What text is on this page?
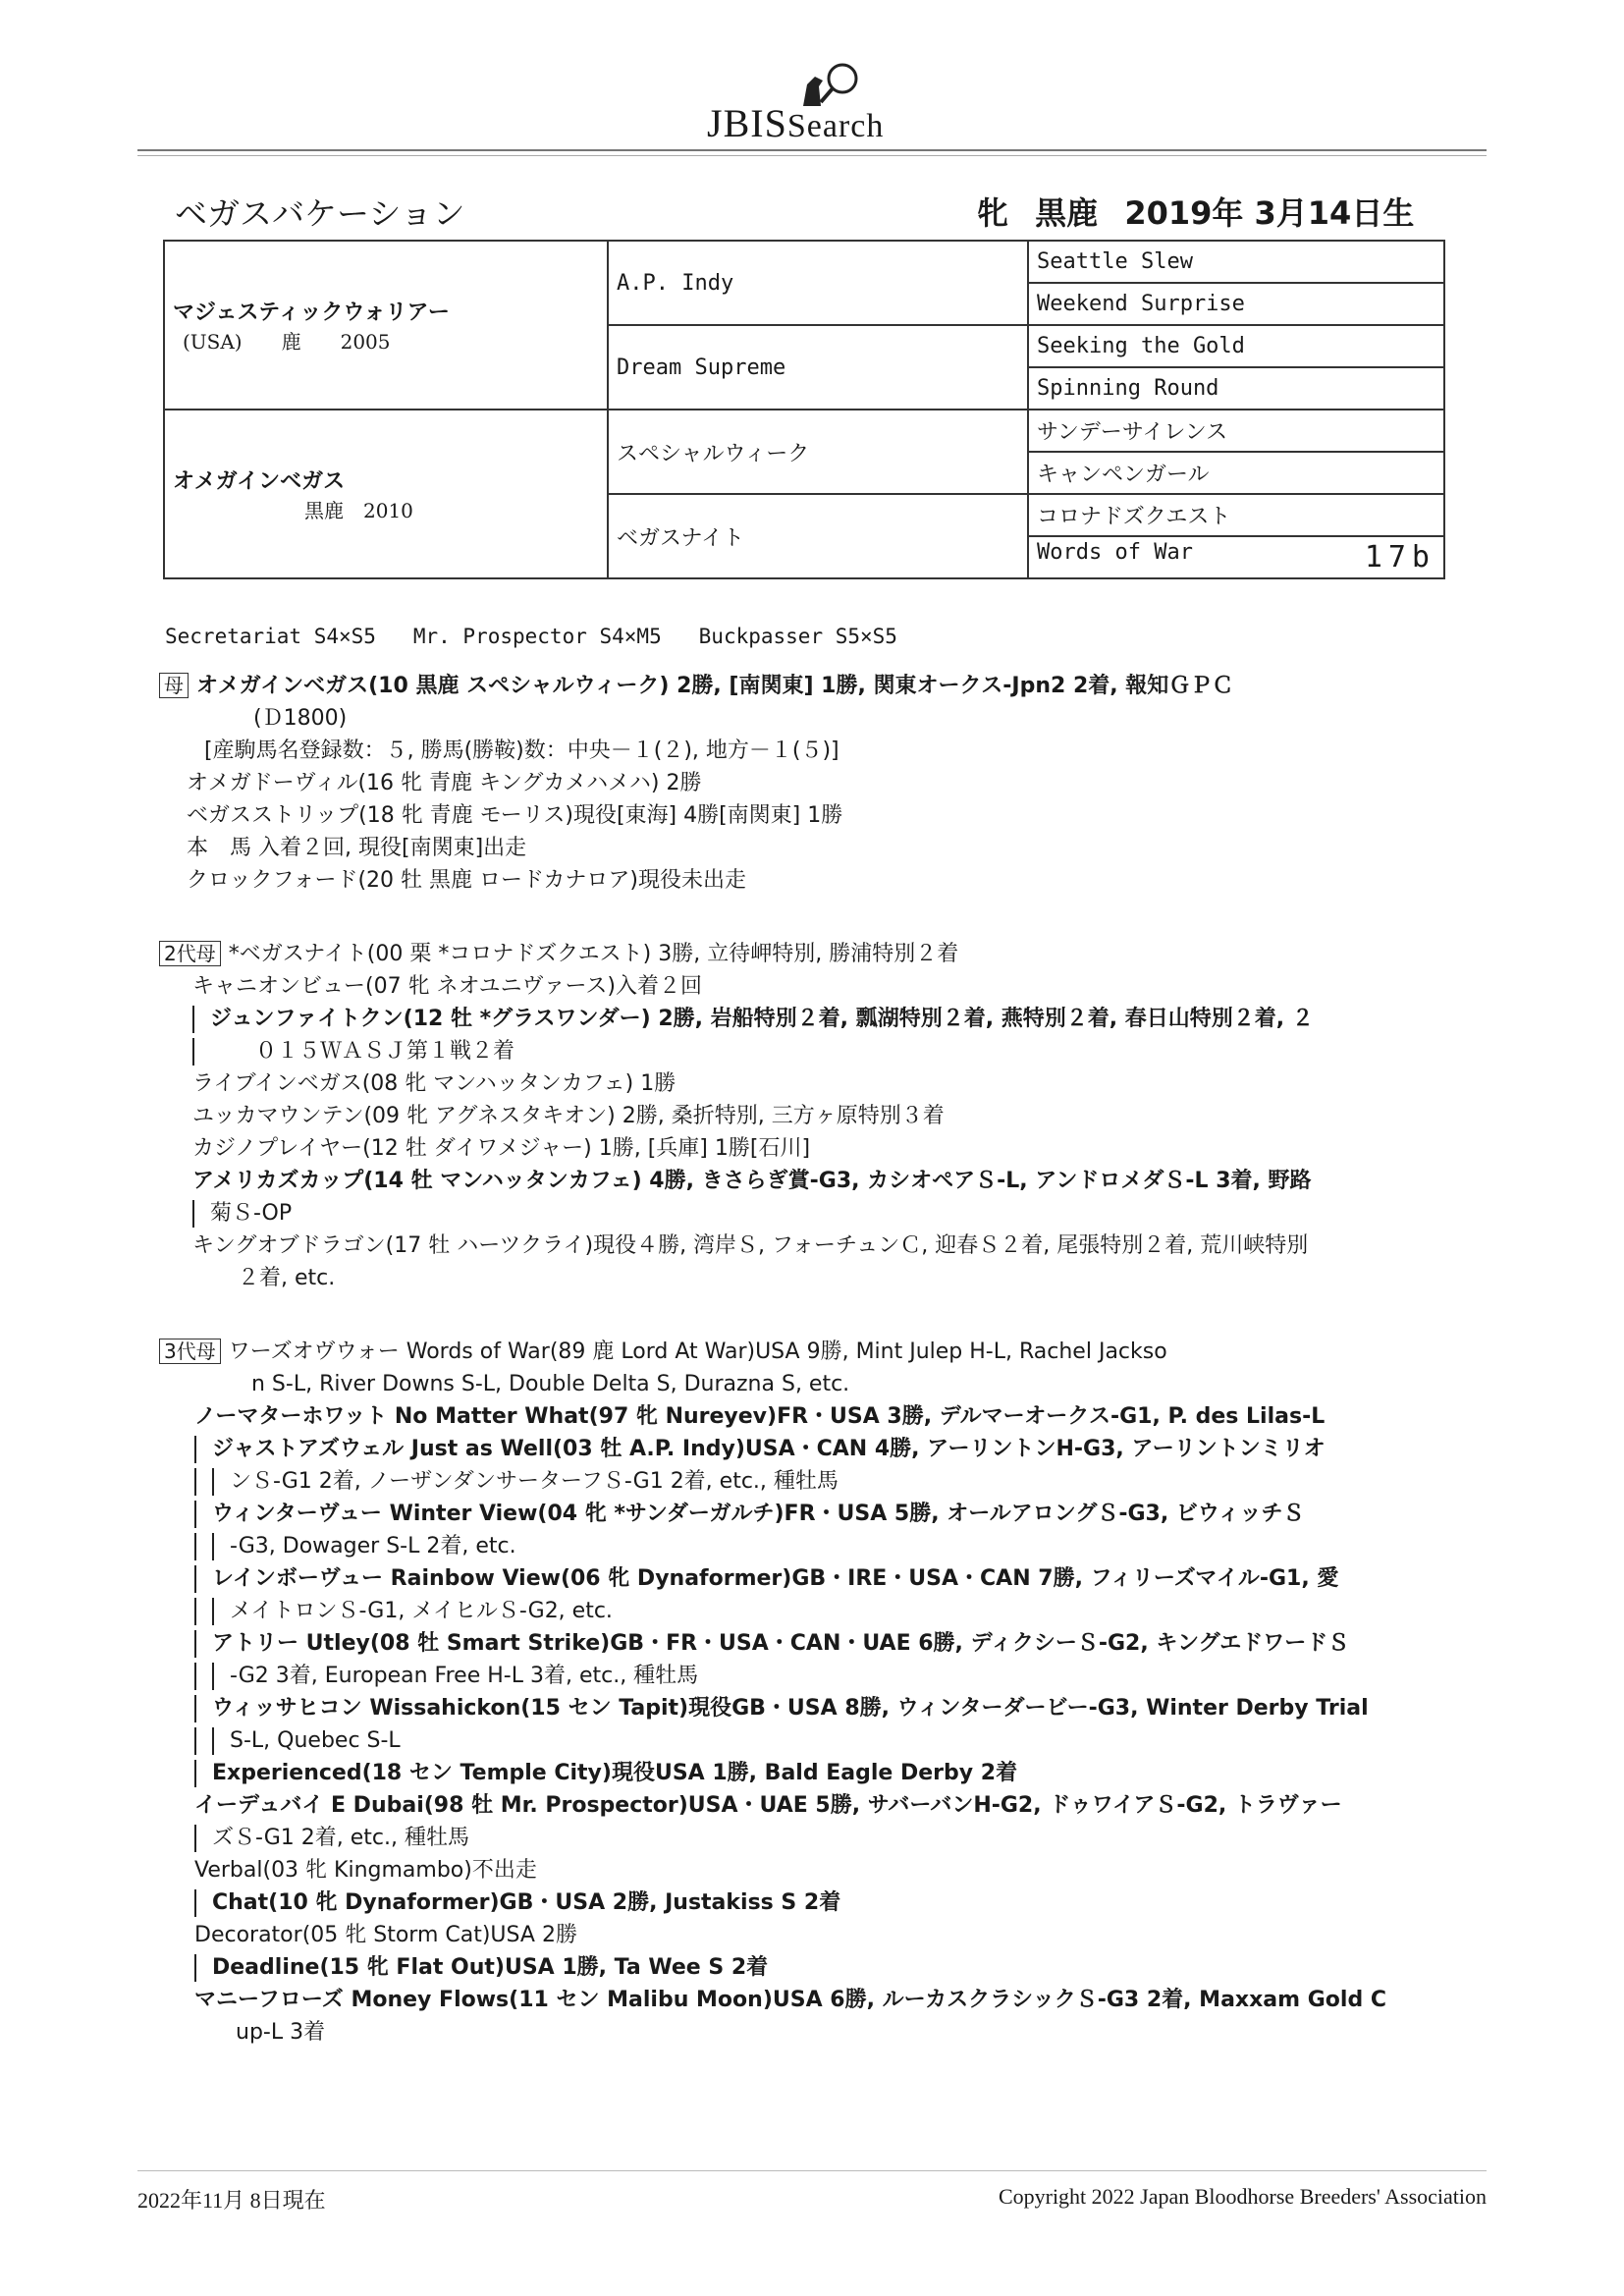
JBISSearch
ベガスバケーション	牝 黒鹿 2019年 3月14日生
マジェスティックウォリアー
(USA)　　鹿　　2005	A.P. Indy	Seattle Slew
		Weekend Surprise
	Dream Supreme	Seeking the Gold
		Spinning Round

オメガインベガス
黒鹿　2010	スペシャルウィーク	サンデーサイレンス
		キャンペンガール
	ベガスナイト	コロナドズクエスト
		Words of War 17b
Secretariat S4×S5   Mr. Prospector S4×M5   Buckpasser S5×S5
母 オメガインベガス(10 黒鹿 スペシャルウィーク) 2勝, [南関東] 1勝, 関東オークス-Jpn2 2着, 報知ＧＰＣ
(Ｄ1800)
[産駒馬名登録数：５, 勝馬(勝鞍)数：中央－１(２), 地方－１(５)]
オメガドーヴィル(16 牝 青鹿 キングカメハメハ) 2勝
ベガスストリップ(18 牝 青鹿 モーリス)現役[東海] 4勝[南関東] 1勝
本　馬 入着２回, 現役[南関東]出走
クロックフォード(20 牡 黒鹿 ロードカナロア)現役未出走
2代母 *ベガスナイト(00 栗 *コロナドズクエスト) 3勝, 立待岬特別, 勝浦特別２着
キャニオンビュー(07 牝 ネオユニヴァース)入着２回
ジュンファイトクン(12 牡 *グラスワンダー) 2勝, 岩船特別２着, 瓢湖特別２着, 燕特別２着, 春日山特別２着, ２
０１５ＷＡＳＪ第１戦２着
ライブインベガス(08 牝 マンハッタンカフェ) 1勝
ユッカマウンテン(09 牝 アグネスタキオン) 2勝, 桑折特別, 三方ヶ原特別３着
カジノプレイヤー(12 牡 ダイワメジャー) 1勝, [兵庫] 1勝[石川]
アメリカズカップ(14 牡 マンハッタンカフェ) 4勝, きさらぎ賞-G3, カシオペアＳ-L, アンドロメダＳ-L 3着, 野路
菊Ｓ-OP
キングオブドラゴン(17 牡 ハーツクライ)現役４勝, 湾岸Ｓ, フォーチュンＣ, 迎春Ｓ２着, 尾張特別２着, 荒川峡特別
２着, etc.
3代母 ワーズオヴウォー Words of War(89 鹿 Lord At War)USA 9勝, Mint Julep H-L, Rachel Jackso
n S-L, River Downs S-L, Double Delta S, Durazna S, etc.
ノーマターホワット No Matter What(97 牝 Nureyev)FR・USA 3勝, デルマーオークス-G1, P. des Lilas-L
ジャストアズウェル Just as Well(03 牡 A.P. Indy)USA・CAN 4勝, アーリントンH-G3, アーリントンミリオ
ンＳ-G1 2着, ノーザンダンサーターフＳ-G1 2着, etc., 種牡馬
ウィンターヴュー Winter View(04 牝 *サンダーガルチ)FR・USA 5勝, オールアロングＳ-G3, ビウィッチＳ
-G3, Dowager S-L 2着, etc.
レインボーヴュー Rainbow View(06 牝 Dynaformer)GB・IRE・USA・CAN 7勝, フィリーズマイル-G1, 愛
メイトロンＳ-G1, メイヒルＳ-G2, etc.
アトリー Utley(08 牡 Smart Strike)GB・FR・USA・CAN・UAE 6勝, ディクシーＳ-G2, キングエドワードＳ
-G2 3着, European Free H-L 3着, etc., 種牡馬
ウィッサヒコン Wissahickon(15 セン Tapit)現役GB・USA 8勝, ウィンターダービー-G3, Winter Derby Trial
S-L, Quebec S-L
Experienced(18 セン Temple City)現役USA 1勝, Bald Eagle Derby 2着
イーデュバイ E Dubai(98 牡 Mr. Prospector)USA・UAE 5勝, サバーバンH-G2, ドゥワイアＳ-G2, トラヴァー
ズＳ-G1 2着, etc., 種牡馬
Verbal(03 牝 Kingmambo)不出走
Chat(10 牝 Dynaformer)GB・USA 2勝, Justakiss S 2着
Decorator(05 牝 Storm Cat)USA 2勝
Deadline(15 牝 Flat Out)USA 1勝, Ta Wee S 2着
マニーフローズ Money Flows(11 セン Malibu Moon)USA 6勝, ルーカスクラシックＳ-G3 2着, Maxxam Gold C
up-L 3着
2022年11月 8日現在	Copyright 2022 Japan Bloodhorse Breeders' Association
